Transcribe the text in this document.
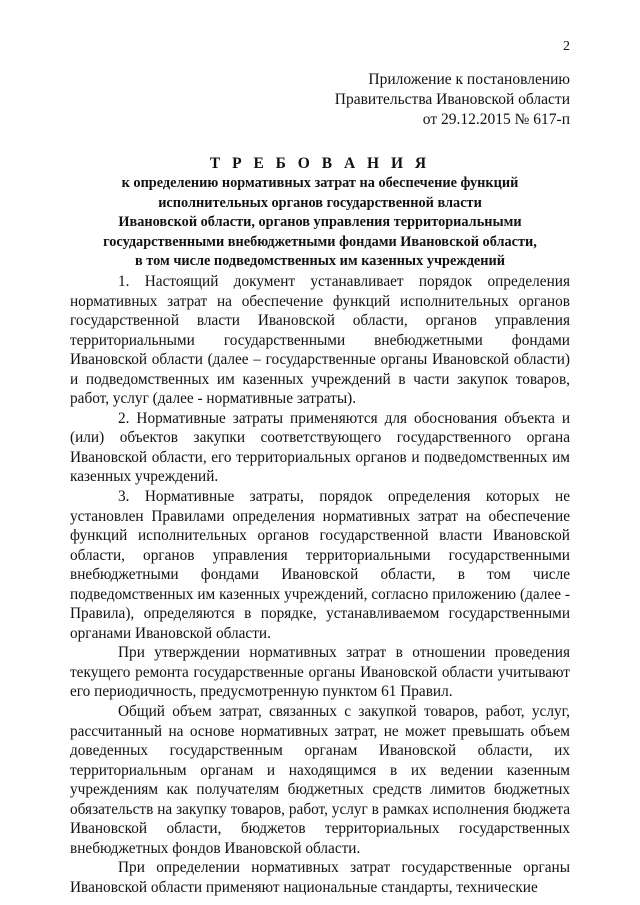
2
Приложение к постановлению
Правительства Ивановской области
от 29.12.2015 № 617-п
Т Р Е Б О В А Н И Я
к определению нормативных затрат на обеспечение функций
исполнительных органов государственной власти
Ивановской области, органов управления территориальными
государственными внебюджетными фондами Ивановской области,
в том числе подведомственных им казенных учреждений

1. Настоящий документ устанавливает порядок определения нормативных затрат на обеспечение функций исполнительных органов государственной власти Ивановской области, органов управления территориальными государственными внебюджетными фондами Ивановской области (далее – государственные органы Ивановской области) и подведомственных им казенных учреждений в части закупок товаров, работ, услуг (далее - нормативные затраты).

2. Нормативные затраты применяются для обоснования объекта и (или) объектов закупки соответствующего государственного органа Ивановской области, его территориальных органов и подведомственных им казенных учреждений.

3. Нормативные затраты, порядок определения которых не установлен Правилами определения нормативных затрат на обеспечение функций исполнительных органов государственной власти Ивановской области, органов управления территориальными государственными внебюджетными фондами Ивановской области, в том числе подведомственных им казенных учреждений, согласно приложению (далее - Правила), определяются в порядке, устанавливаемом государственными органами Ивановской области.

При утверждении нормативных затрат в отношении проведения текущего ремонта государственные органы Ивановской области учитывают его периодичность, предусмотренную пунктом 61 Правил.

Общий объем затрат, связанных с закупкой товаров, работ, услуг, рассчитанный на основе нормативных затрат, не может превышать объем доведенных государственным органам Ивановской области, их территориальным органам и находящимся в их ведении казенным учреждениям как получателям бюджетных средств лимитов бюджетных обязательств на закупку товаров, работ, услуг в рамках исполнения бюджета Ивановской области, бюджетов территориальных государственных внебюджетных фондов Ивановской области.

При определении нормативных затрат государственные органы Ивановской области применяют национальные стандарты, технические
